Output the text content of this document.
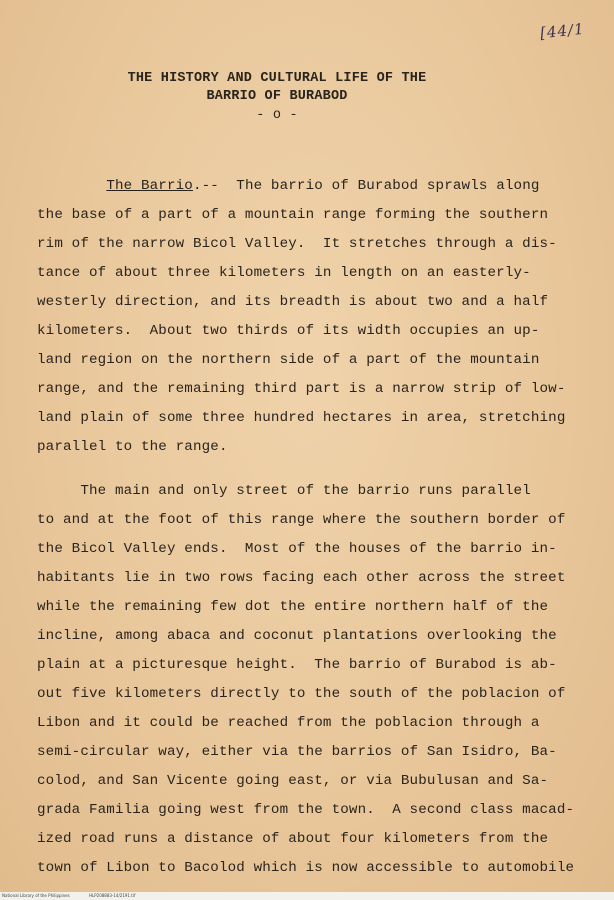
[44/1
THE HISTORY AND CULTURAL LIFE OF THE
BARRIO OF BURABOD
- o -
The Barrio.--  The barrio of Burabod sprawls along
the base of a part of a mountain range forming the southern
rim of the narrow Bicol Valley.  It stretches through a dis-
tance of about three kilometers in length on an easterly-
westerly direction, and its breadth is about two and a half
kilometers.  About two thirds of its width occupies an up-
land region on the northern side of a part of the mountain
range, and the remaining third part is a narrow strip of low-
land plain of some three hundred hectares in area, stretching
parallel to the range.
The main and only street of the barrio runs parallel
to and at the foot of this range where the southern border of
the Bicol Valley ends.  Most of the houses of the barrio in-
habitants lie in two rows facing each other across the street
while the remaining few dot the entire northern half of the
incline, among abaca and coconut plantations overlooking the
plain at a picturesque height.  The barrio of Burabod is ab-
out five kilometers directly to the south of the poblacion of
Libon and it could be reached from the poblacion through a
semi-circular way, either via the barrios of San Isidro, Ba-
colod, and San Vicente going east, or via Bubulusan and Sa-
grada Familia going west from the town.  A second class macad-
ized road runs a distance of about four kilometers from the
town of Libon to Bacolod which is now accessible to automobile
National Library of the Philippines	HLP208883-14/2191.tif
